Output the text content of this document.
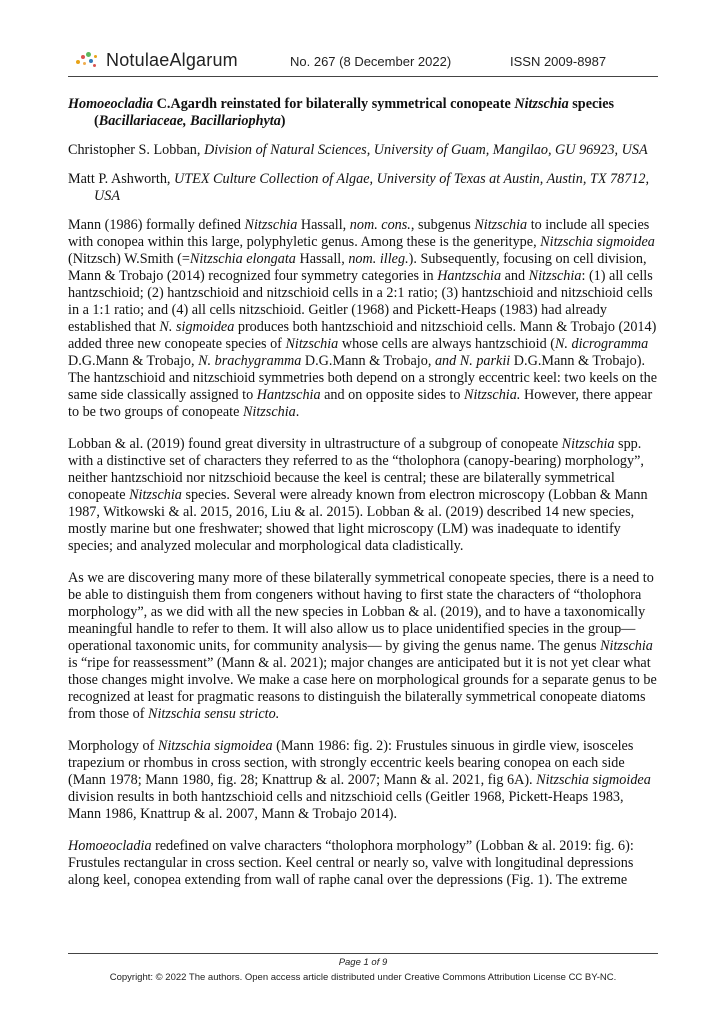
NotulaeAlgarum	No. 267 (8 December 2022)	ISSN 2009-8987

Homoeocladia C.Agardh reinstated for bilaterally symmetrical conopeate Nitzschia species (Bacillariaceae, Bacillariophyta)

Christopher S. Lobban, Division of Natural Sciences, University of Guam, Mangilao, GU 96923, USA

Matt P. Ashworth, UTEX Culture Collection of Algae, University of Texas at Austin, Austin, TX 78712, USA

Mann (1986) formally defined Nitzschia Hassall, nom. cons., subgenus Nitzschia to include all species with conopea within this large, polyphyletic genus. Among these is the generitype, Nitzschia sigmoidea (Nitzsch) W.Smith (=Nitzschia elongata Hassall, nom. illeg.). Subsequently, focusing on cell division, Mann & Trobajo (2014) recognized four symmetry categories in Hantzschia and Nitzschia: (1) all cells hantzschioid; (2) hantzschioid and nitzschioid cells in a 2:1 ratio; (3) hantzschioid and nitzschioid cells in a 1:1 ratio; and (4) all cells nitzschioid. Geitler (1968) and Pickett-Heaps (1983) had already established that N. sigmoidea produces both hantzschioid and nitzschioid cells. Mann & Trobajo (2014) added three new conopeate species of Nitzschia whose cells are always hantzschioid (N. dicrogramma D.G.Mann & Trobajo, N. brachygramma D.G.Mann & Trobajo, and N. parkii D.G.Mann & Trobajo). The hantzschioid and nitzschioid symmetries both depend on a strongly eccentric keel: two keels on the same side classically assigned to Hantzschia and on opposite sides to Nitzschia. However, there appear to be two groups of conopeate Nitzschia.

Lobban & al. (2019) found great diversity in ultrastructure of a subgroup of conopeate Nitzschia spp. with a distinctive set of characters they referred to as the “tholophora (canopy-bearing) morphology”, neither hantzschioid nor nitzschioid because the keel is central; these are bilaterally symmetrical conopeate Nitzschia species. Several were already known from electron microscopy (Lobban & Mann 1987, Witkowski & al. 2015, 2016, Liu & al. 2015). Lobban & al. (2019) described 14 new species, mostly marine but one freshwater; showed that light microscopy (LM) was inadequate to identify species; and analyzed molecular and morphological data cladistically.

As we are discovering many more of these bilaterally symmetrical conopeate species, there is a need to be able to distinguish them from congeners without having to first state the characters of “tholophora morphology”, as we did with all the new species in Lobban & al. (2019), and to have a taxonomically meaningful handle to refer to them. It will also allow us to place unidentified species in the group—operational taxonomic units, for community analysis— by giving the genus name. The genus Nitzschia is “ripe for reassessment” (Mann & al. 2021); major changes are anticipated but it is not yet clear what those changes might involve. We make a case here on morphological grounds for a separate genus to be recognized at least for pragmatic reasons to distinguish the bilaterally symmetrical conopeate diatoms from those of Nitzschia sensu stricto.

Morphology of Nitzschia sigmoidea (Mann 1986: fig. 2): Frustules sinuous in girdle view, isosceles trapezium or rhombus in cross section, with strongly eccentric keels bearing conopea on each side (Mann 1978; Mann 1980, fig. 28; Knattrup & al. 2007; Mann & al. 2021, fig 6A). Nitzschia sigmoidea division results in both hantzschioid cells and nitzschioid cells (Geitler 1968, Pickett-Heaps 1983, Mann 1986, Knattrup & al. 2007, Mann & Trobajo 2014).

Homoeocladia redefined on valve characters “tholophora morphology” (Lobban & al. 2019: fig. 6): Frustules rectangular in cross section. Keel central or nearly so, valve with longitudinal depressions along keel, conopea extending from wall of raphe canal over the depressions (Fig. 1). The extreme

Page 1 of 9
Copyright: © 2022 The authors. Open access article distributed under Creative Commons Attribution License CC BY-NC.
